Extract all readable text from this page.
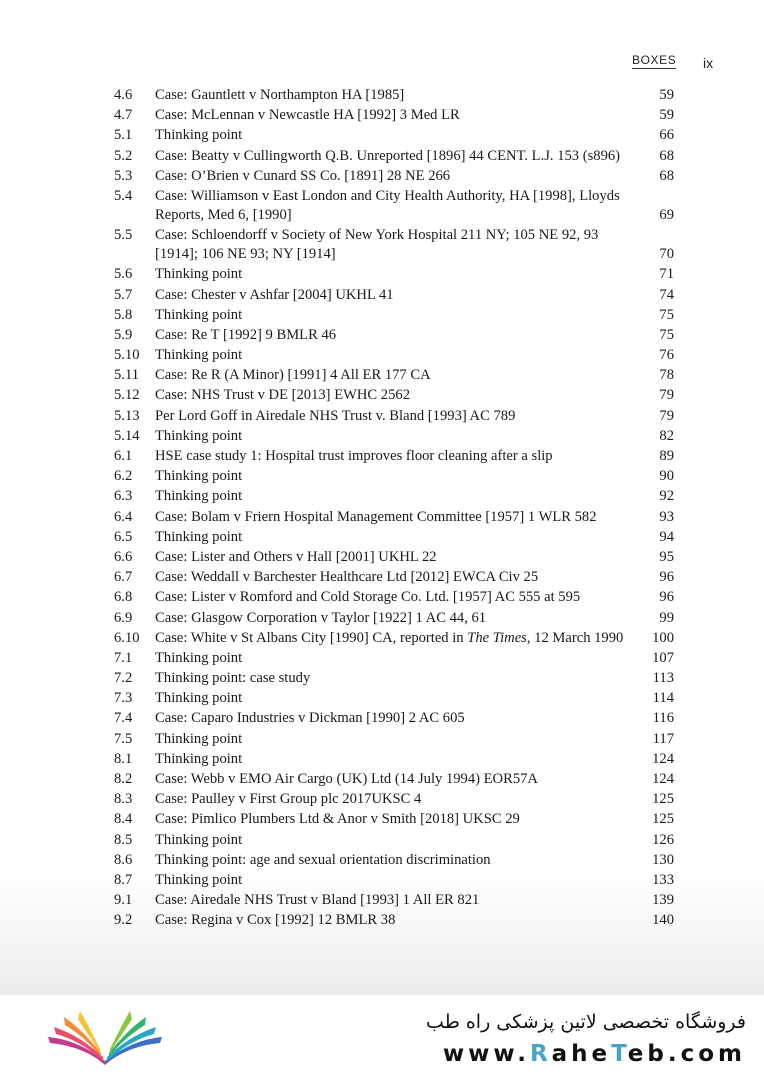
BOXES ix
4.6	Case: Gauntlett v Northampton HA [1985]	59
4.7	Case: McLennan v Newcastle HA [1992] 3 Med LR	59
5.1	Thinking point	66
5.2	Case: Beatty v Cullingworth Q.B. Unreported [1896] 44 CENT. L.J. 153 (s896)	68
5.3	Case: O’Brien v Cunard SS Co. [1891] 28 NE 266	68
5.4	Case: Williamson v East London and City Health Authority, HA [1998], Lloyds Reports, Med 6, [1990]	69
5.5	Case: Schloendorff v Society of New York Hospital 211 NY; 105 NE 92, 93 [1914]; 106 NE 93; NY [1914]	70
5.6	Thinking point	71
5.7	Case: Chester v Ashfar [2004] UKHL 41	74
5.8	Thinking point	75
5.9	Case: Re T [1992] 9 BMLR 46	75
5.10	Thinking point	76
5.11	Case: Re R (A Minor) [1991] 4 All ER 177 CA	78
5.12	Case: NHS Trust v DE [2013] EWHC 2562	79
5.13	Per Lord Goff in Airedale NHS Trust v. Bland [1993] AC 789	79
5.14	Thinking point	82
6.1	HSE case study 1: Hospital trust improves floor cleaning after a slip	89
6.2	Thinking point	90
6.3	Thinking point	92
6.4	Case: Bolam v Friern Hospital Management Committee [1957] 1 WLR 582	93
6.5	Thinking point	94
6.6	Case: Lister and Others v Hall [2001] UKHL 22	95
6.7	Case: Weddall v Barchester Healthcare Ltd [2012] EWCA Civ 25	96
6.8	Case: Lister v Romford and Cold Storage Co. Ltd. [1957] AC 555 at 595	96
6.9	Case: Glasgow Corporation v Taylor [1922] 1 AC 44, 61	99
6.10	Case: White v St Albans City [1990] CA, reported in The Times, 12 March 1990	100
7.1	Thinking point	107
7.2	Thinking point: case study	113
7.3	Thinking point	114
7.4	Case: Caparo Industries v Dickman [1990] 2 AC 605	116
7.5	Thinking point	117
8.1	Thinking point	124
8.2	Case: Webb v EMO Air Cargo (UK) Ltd (14 July 1994) EOR57A	124
8.3	Case: Paulley v First Group plc 2017UKSC 4	125
8.4	Case: Pimlico Plumbers Ltd & Anor v Smith [2018] UKSC 29	125
8.5	Thinking point	126
8.6	Thinking point: age and sexual orientation discrimination	130
8.7	Thinking point	133
9.1	Case: Airedale NHS Trust v Bland [1993] 1 All ER 821	139
9.2	Case: Regina v Cox [1992] 12 BMLR 38	140
فروشگاه تخصصی لاتین پزشکی راه طب
www.RaheTeb.com
